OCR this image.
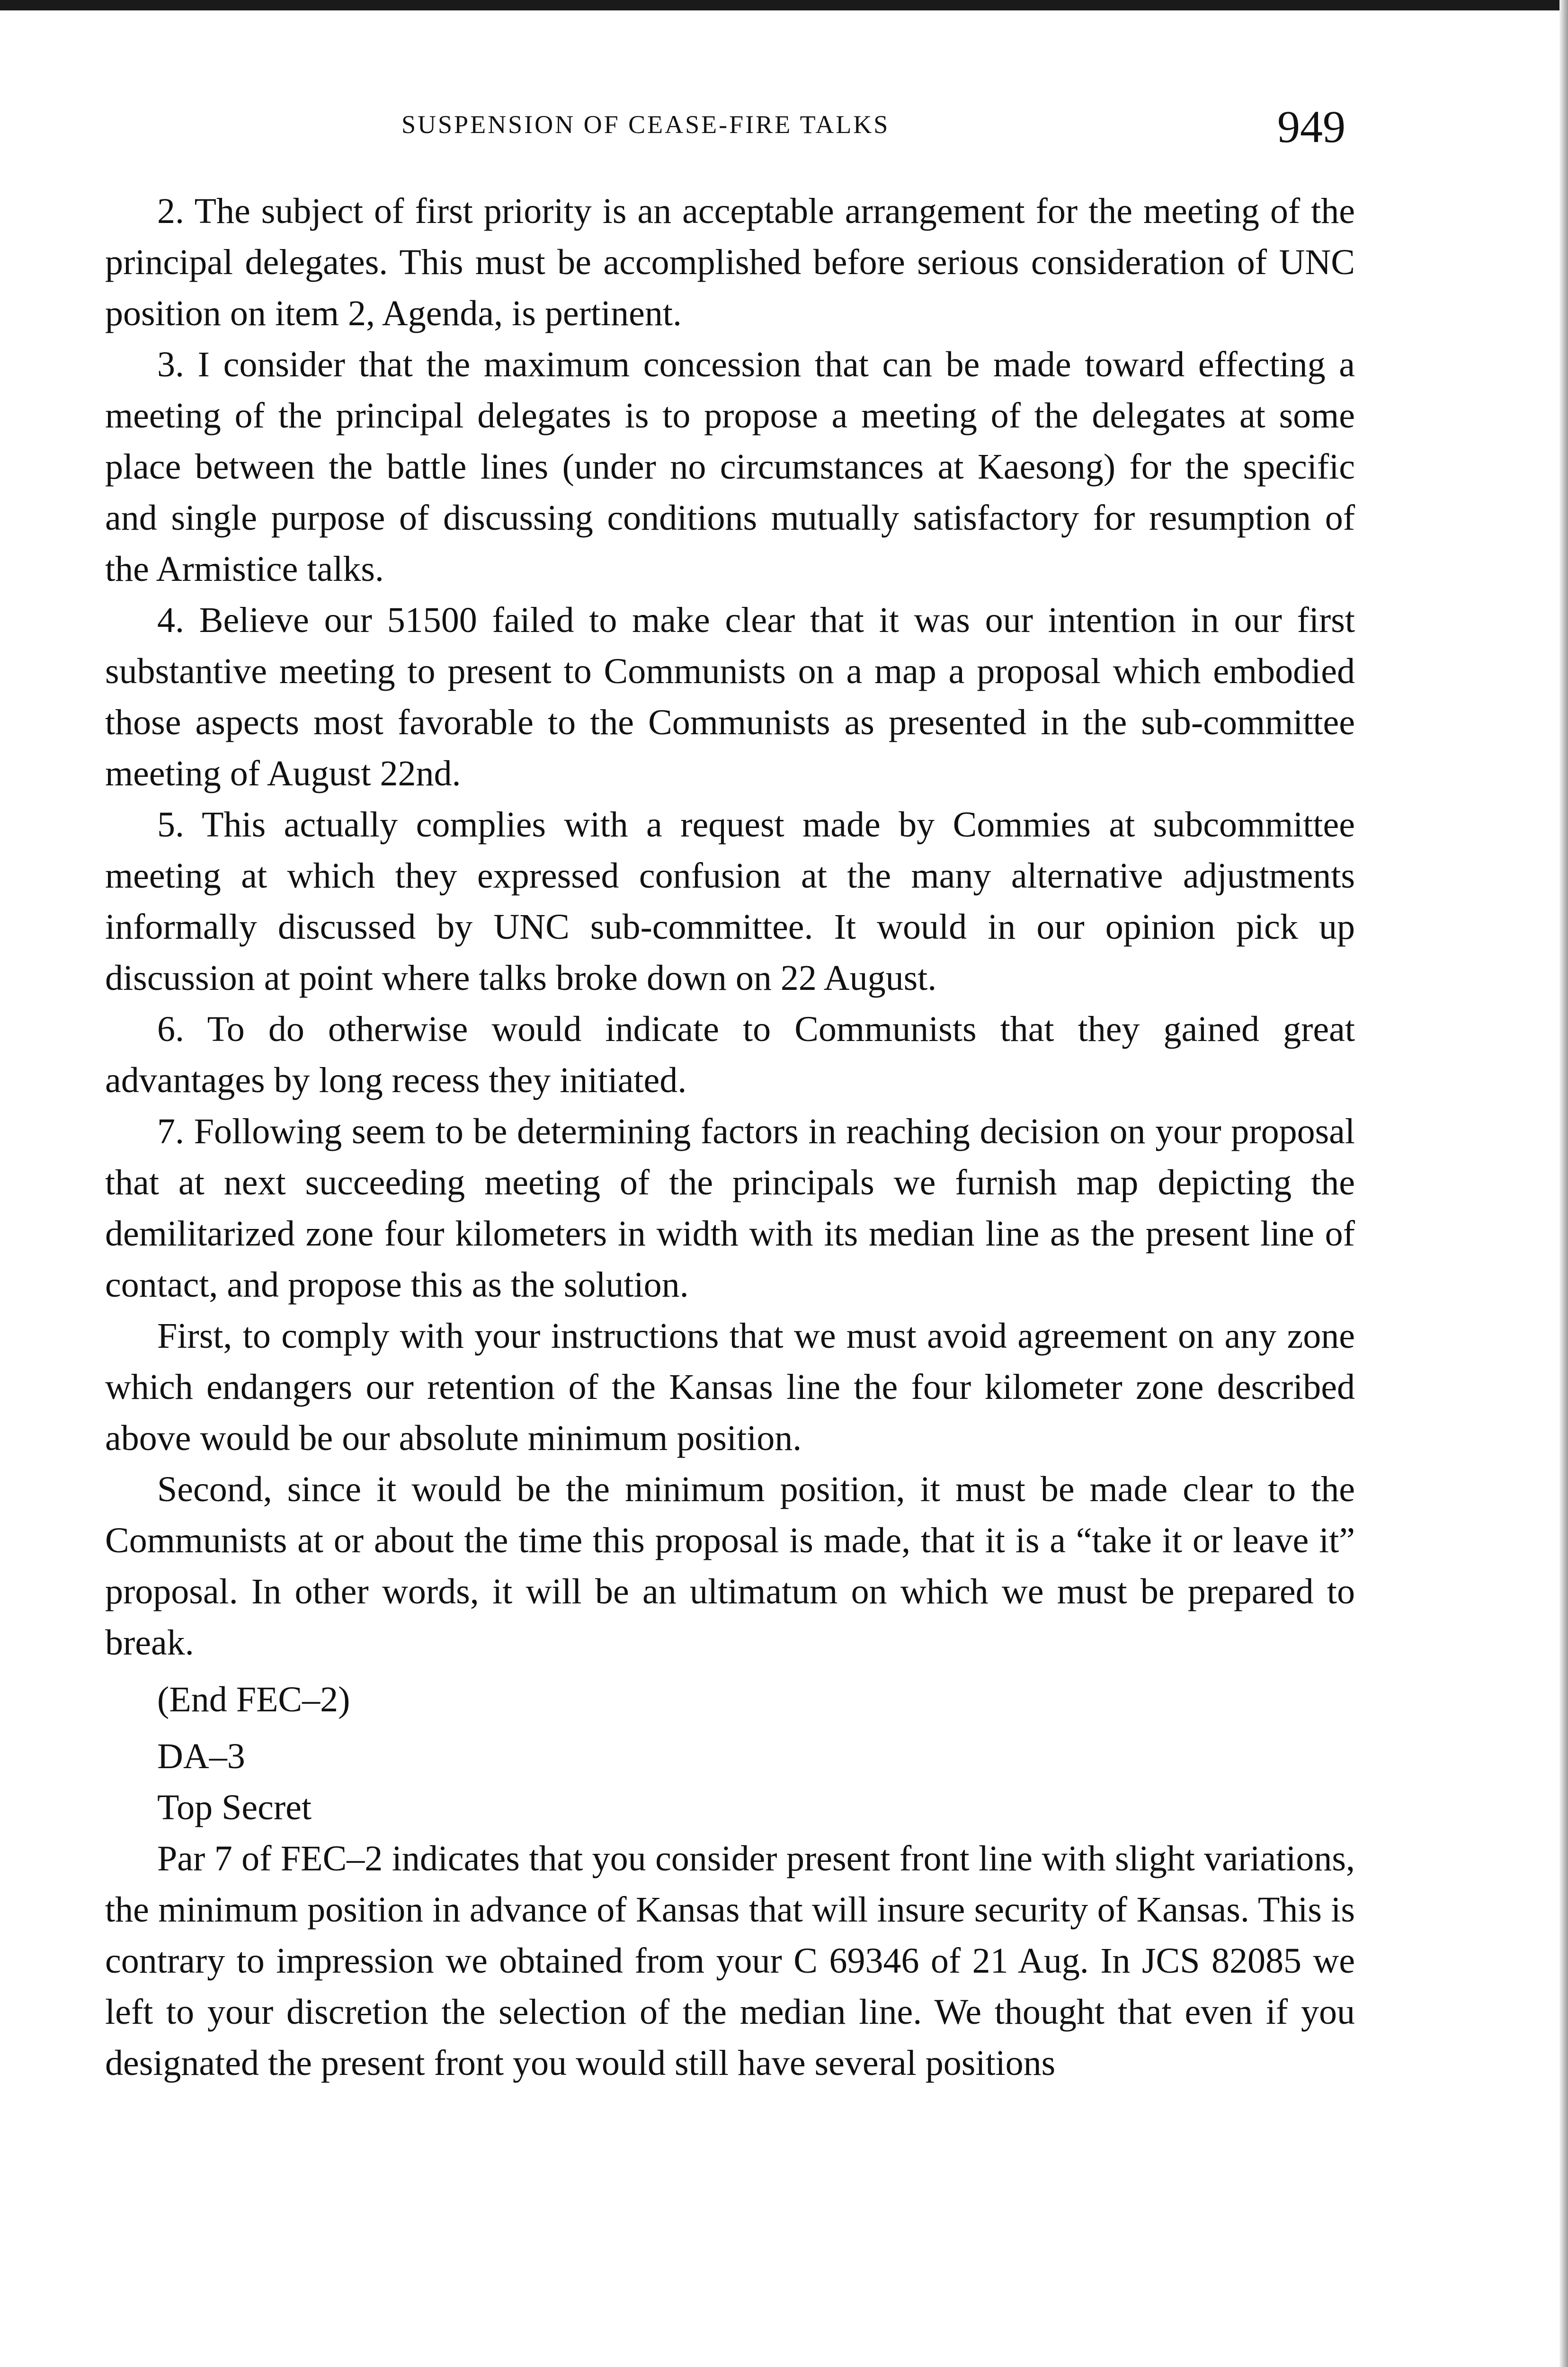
SUSPENSION OF CEASE-FIRE TALKS	949

2. The subject of first priority is an acceptable arrangement for the meeting of the principal delegates. This must be accomplished before serious consideration of UNC position on item 2, Agenda, is pertinent.

3. I consider that the maximum concession that can be made toward effecting a meeting of the principal delegates is to propose a meeting of the delegates at some place between the battle lines (under no circumstances at Kaesong) for the specific and single purpose of discussing conditions mutually satisfactory for resumption of the Armistice talks.

4. Believe our 51500 failed to make clear that it was our intention in our first substantive meeting to present to Communists on a map a proposal which embodied those aspects most favorable to the Communists as presented in the sub-committee meeting of August 22nd.

5. This actually complies with a request made by Commies at subcommittee meeting at which they expressed confusion at the many alternative adjustments informally discussed by UNC sub-committee. It would in our opinion pick up discussion at point where talks broke down on 22 August.

6. To do otherwise would indicate to Communists that they gained great advantages by long recess they initiated.

7. Following seem to be determining factors in reaching decision on your proposal that at next succeeding meeting of the principals we furnish map depicting the demilitarized zone four kilometers in width with its median line as the present line of contact, and propose this as the solution.

First, to comply with your instructions that we must avoid agreement on any zone which endangers our retention of the Kansas line the four kilometer zone described above would be our absolute minimum position.

Second, since it would be the minimum position, it must be made clear to the Communists at or about the time this proposal is made, that it is a “take it or leave it” proposal. In other words, it will be an ultimatum on which we must be prepared to break.

(End FEC–2)

DA–3

Top Secret

Par 7 of FEC–2 indicates that you consider present front line with slight variations, the minimum position in advance of Kansas that will insure security of Kansas. This is contrary to impression we obtained from your C 69346 of 21 Aug. In JCS 82085 we left to your discretion the selection of the median line. We thought that even if you designated the present front you would still have several positions
